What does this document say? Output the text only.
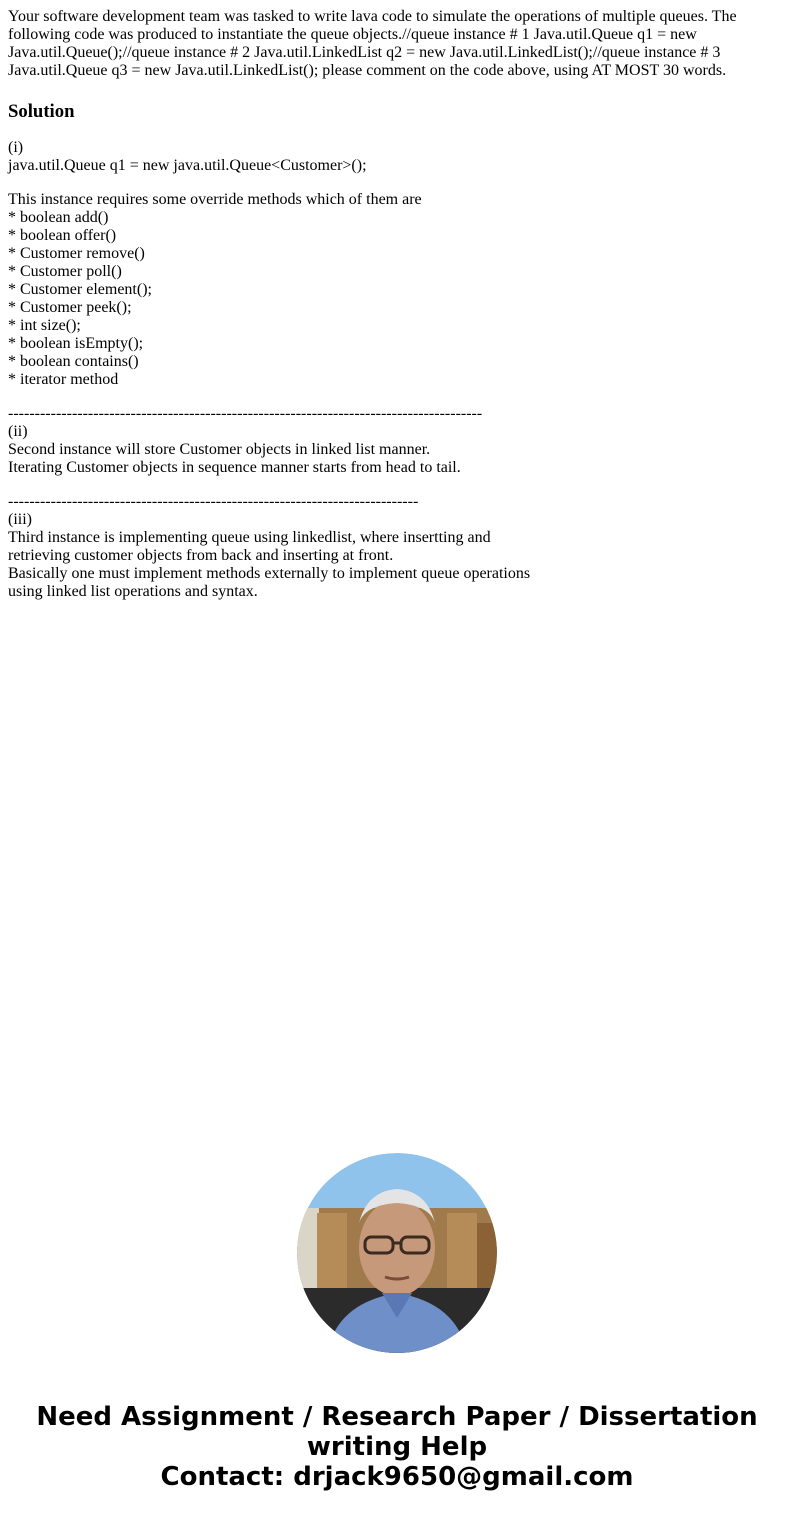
Your software development team was tasked to write lava code to simulate the operations of multiple queues. The following code was produced to instantiate the queue objects.//queue instance # 1 Java.util.Queue q1 = new Java.util.Queue();//queue instance # 2 Java.util.LinkedList q2 = new Java.util.LinkedList();//queue instance # 3 Java.util.Queue q3 = new Java.util.LinkedList(); please comment on the code above, using AT MOST 30 words.

Solution
(i)
java.util.Queue q1 = new java.util.Queue<Customer>();
This instance requires some override methods which of them are
* boolean add()
* boolean offer()
* Customer remove()
* Customer poll()
* Customer element();
* Customer peek();
* int size();
* boolean isEmpty();
* boolean contains()
* iterator method
-----------------------------------------------------------------------------------------
(ii)
Second instance will store Customer objects in linked list manner.
Iterating Customer objects in sequence manner starts from head to tail.
-----------------------------------------------------------------------------
(iii)
Third instance is implementing queue using linkedlist, where insertting and
retrieving customer objects from back and inserting at front.
Basically one must implement methods externally to implement queue operations
using linked list operations and syntax.
Need Assignment / Research Paper / Dissertation
writing Help
Contact: drjack9650@gmail.com
